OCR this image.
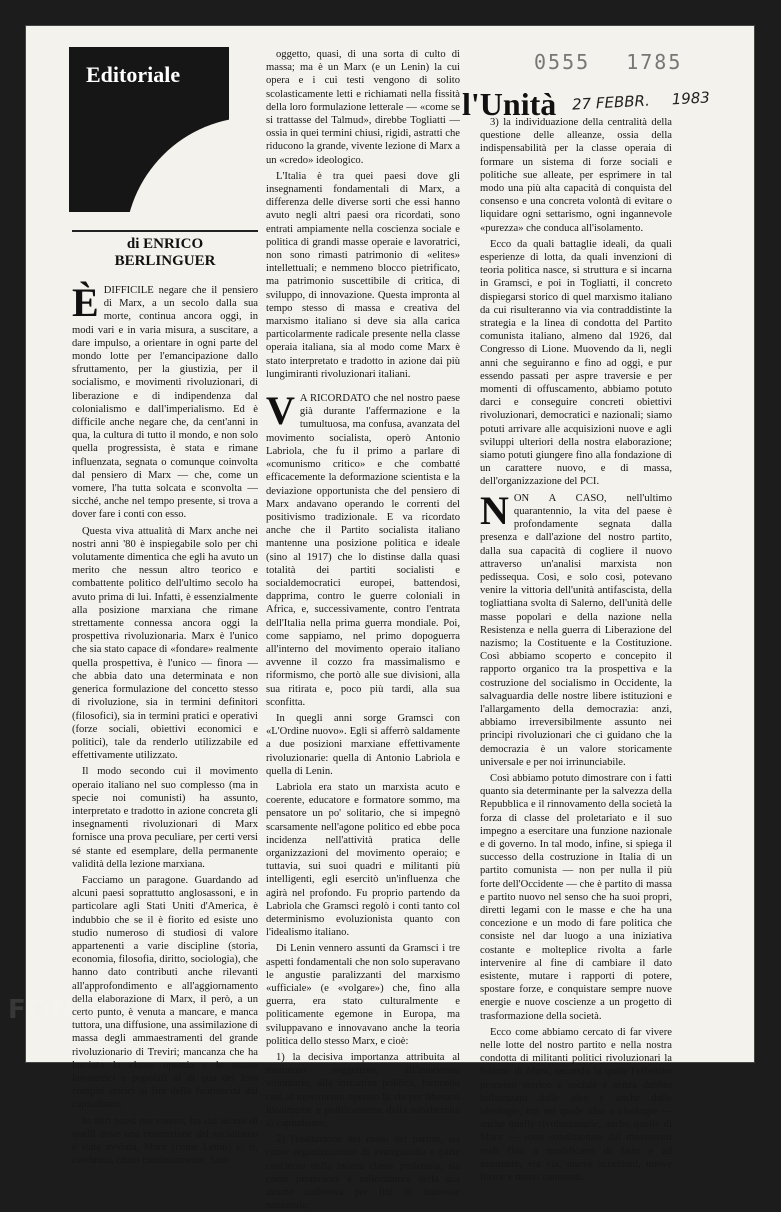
0555 1785
l'Unità 27 FEBBR. 1983
Editoriale
di ENRICO
BERLINGUER

ÈDIFFICILE negare che il pensiero di Marx, a un secolo dalla sua morte, continua ancora oggi, in modi vari e in varia misura, a suscitare, a dare impulso, a orientare in ogni parte del mondo lotte per l'emancipazione dallo sfruttamento, per la giustizia, per il socialismo, e movimenti rivoluzionari, di liberazione e di indipendenza dal colonialismo e dall'imperialismo. Ed è difficile anche negare che, da cent'anni in qua, la cultura di tutto il mondo, e non solo quella progressista, è stata e rimane influenzata, segnata o comunque coinvolta dal pensiero di Marx — che, come un vomere, l'ha tutta solcata e sconvolta — sicché, anche nel tempo presente, si trova a dover fare i conti con esso.

Questa viva attualità di Marx anche nei nostri anni '80 è inspiegabile solo per chi volutamente dimentica che egli ha avuto un merito che nessun altro teorico e combattente politico dell'ultimo secolo ha avuto prima di lui. Infatti, è essenzialmente alla posizione marxiana che rimane strettamente connessa ancora oggi la prospettiva rivoluzionaria. Marx è l'unico che sia stato capace di «fondare» realmente quella prospettiva, è l'unico — finora — che abbia dato una determinata e non generica formulazione del concetto stesso di rivoluzione, sia in termini definitori (filosofici), sia in termini pratici e operativi (forze sociali, obiettivi economici e politici), tale da renderlo utilizzabile ed effettivamente utilizzato.

Il modo secondo cui il movimento operaio italiano nel suo complesso (ma in specie noi comunisti) ha assunto, interpretato e tradotto in azione concreta gli insegnamenti rivoluzionari di Marx fornisce una prova peculiare, per certi versi sé stante ed esemplare, della permanente validità della lezione marxiana.

Facciamo un paragone. Guardando ad alcuni paesi soprattutto anglosassoni, e in particolare agli Stati Uniti d'America, è indubbio che se il è fiorito ed esiste uno studio numeroso di studiosi di valore appartenenti a varie discipline (storia, economia, filosofia, diritto, sociologia), che hanno dato contributi anche rilevanti all'approfondimento e all'aggiornamento della elaborazione di Marx, il però, a un certo punto, è venuta a mancare, e manca tuttora, una diffusione, una assimilazione di massa degli ammaestramenti del grande rivoluzionario di Treviri; mancanza che ha lasciato la classe operaia e le masse lavoratrici e popolari al di qua dei loro compiti storici ai fini della fuoriuscita dal capitalismo.

In altri paesi per contro, fra cui alcuni di quelli dove una costruzione del socialismo è stata avviata, Marx (come Lenin) è, sì, celebrato, citato continuamente, fatto

oggetto, quasi, di una sorta di culto di massa; ma è un Marx (e un Lenin) la cui opera e i cui testi vengono di solito scolasticamente letti e richiamati nella fissità della loro formulazione letterale — «come se si trattasse del Talmud», direbbe Togliatti — ossia in quei termini chiusi, rigidi, astratti che riducono la grande, vivente lezione di Marx a un «credo» ideologico.

L'Italia è tra quei paesi dove gli insegnamenti fondamentali di Marx, a differenza delle diverse sorti che essi hanno avuto negli altri paesi ora ricordati, sono entrati ampiamente nella coscienza sociale e politica di grandi masse operaie e lavoratrici, non sono rimasti patrimonio di «elites» intellettuali; e nemmeno blocco pietrificato, ma patrimonio suscettibile di critica, di sviluppo, di innovazione. Questa impronta al tempo stesso di massa e creativa del marxismo italiano si deve sia alla carica particolarmente radicale presente nella classe operaia italiana, sia al modo come Marx è stato interpretato e tradotto in azione dai più lungimiranti rivoluzionari italiani.

V A RICORDATO che nel nostro paese già durante l'affermazione e la tumultuosa, ma confusa, avanzata del movimento socialista, operò Antonio Labriola, che fu il primo a parlare di «comunismo critico» e che combatté efficacemente la deformazione scientista e la deviazione opportunista che del pensiero di Marx andavano operando le correnti del positivismo tradizionale. E va ricordato anche che il Partito socialista italiano mantenne una posizione politica e ideale (sino al 1917) che lo distinse dalla quasi totalità dei partiti socialisti e socialdemocratici europei, battendosi, dapprima, contro le guerre coloniali in Africa, e, successivamente, contro l'entrata dell'Italia nella prima guerra mondiale. Poi, come sappiamo, nel primo dopoguerra all'interno del movimento operaio italiano avvenne il cozzo fra massimalismo e riformismo, che portò alle sue divisioni, alla sua ritirata e, poco più tardi, alla sua sconfitta.

In quegli anni sorge Gramsci con «L'Ordine nuovo». Egli si afferrò saldamente a due posizioni marxiane effettivamente rivoluzionarie: quella di Antonio Labriola e quella di Lenin.

Labriola era stato un marxista acuto e coerente, educatore e formatore sommo, ma pensatore un po' solitario, che si impegnò scarsamente nell'agone politico ed ebbe poca incidenza nell'attività pratica delle organizzazioni del movimento operaio; e tuttavia, sui suoi quadri e militanti più intelligenti, egli esercitò un'influenza che agirà nel profondo. Fu proprio partendo da Labriola che Gramsci regolò i conti tanto col determinismo evoluzionista quanto con l'idealismo italiano.

Di Lenin vennero assunti da Gramsci i tre aspetti fondamentali che non solo superavano le angustie paralizzanti del marxismo «ufficiale» (e «volgare») che, fino alla guerra, era stato culturalmente e politicamente egemone in Europa, ma sviluppavano e innovavano anche la teoria politica dello stesso Marx, e cioè:

1) la decisiva importanza attribuita al momento soggettivo, all'intervento volontario, alla iniziativa politica, fornendo così al movimento operaio la via per liberarsi idealmente e politicamente dalla subalternità al capitalismo;

2) l'esaltazione del ruolo del partito, sia come organizzazione di avanguardia e parte cosciente della intiera classe proletaria, sia come promotore e sollecitatore della sua azione collettiva per fini di interesse nazionale;

3) la individuazione della centralità della questione delle alleanze, ossia della indispensabilità per la classe operaia di formare un sistema di forze sociali e politiche sue alleate, per esprimere in tal modo una più alta capacità di conquista del consenso e una concreta volontà di evitare o liquidare ogni settarismo, ogni ingannevole «purezza» che conduca all'isolamento.

Ecco da quali battaglie ideali, da quali esperienze di lotta, da quali invenzioni di teoria politica nasce, si struttura e si incarna in Gramsci, e poi in Togliatti, il concreto dispiegarsi storico di quel marxismo italiano da cui risulteranno via via contraddistinte la strategia e la linea di condotta del Partito comunista italiano, almeno dal 1926, dal Congresso di Lione. Muovendo da lì, negli anni che seguiranno e fino ad oggi, e pur essendo passati per aspre traversie e per momenti di offuscamento, abbiamo potuto darci e conseguire concreti obiettivi rivoluzionari, democratici e nazionali; siamo potuti arrivare alle acquisizioni nuove e agli sviluppi ulteriori della nostra elaborazione; siamo potuti giungere fino alla fondazione di un carattere nuovo, e di massa, dell'organizzazione del PCI.

NON A CASO, nell'ultimo quarantennio, la vita del paese è profondamente segnata dalla presenza e dall'azione del nostro partito, dalla sua capacità di cogliere il nuovo attraverso un'analisi marxista non pedissequa. Così, e solo così, potevano venire la vittoria dell'unità antifascista, della togliattiana svolta di Salerno, dell'unità delle masse popolari e della nazione nella Resistenza e nella guerra di Liberazione del nazismo; la Costituente e la Costituzione. Così abbiamo scoperto e concepito il rapporto organico tra la prospettiva e la costruzione del socialismo in Occidente, la salvaguardia delle nostre libere istituzioni e l'allargamento della democrazia: anzi, abbiamo irreversibilmente assunto nei principi rivoluzionari che ci guidano che la democrazia è un valore storicamente universale e per noi irrinunciabile.

Così abbiamo potuto dimostrare con i fatti quanto sia determinante per la salvezza della Repubblica e il rinnovamento della società la forza di classe del proletariato e il suo impegno a esercitare una funzione nazionale e di governo. In tal modo, infine, si spiega il successo della costruzione in Italia di un partito comunista — non per nulla il più forte dell'Occidente — che è partito di massa e partito nuovo nel senso che ha suoi propri, diretti legami con le masse e che ha una concezione e un modo di fare politica che consiste nel dar luogo a una iniziativa costante e molteplice rivolta a farle intervenire al fine di cambiare il dato esistente, mutare i rapporti di potere, spostare forze, e conquistare sempre nuove energie e nuove coscienze a un progetto di trasformazione della società.

Ecco come abbiamo cercato di far vivere nelle lotte del nostro partito e nella nostra condotta di militanti politici rivoluzionari la lezione di Marx, secondo la quale l'effettivo processo storico e sociale è senza dubbio influenzato dalle idee e anche dalle ideologie, ma nel quale idee e ideologie — anche quelle rivoluzionarie, anche quelle di Marx — sono condizionate dai movimenti reali fino a modificarsi di fatto e ad assumere, via via, nuove accezioni, nuove forme e nuovi contenuti.

FOND
